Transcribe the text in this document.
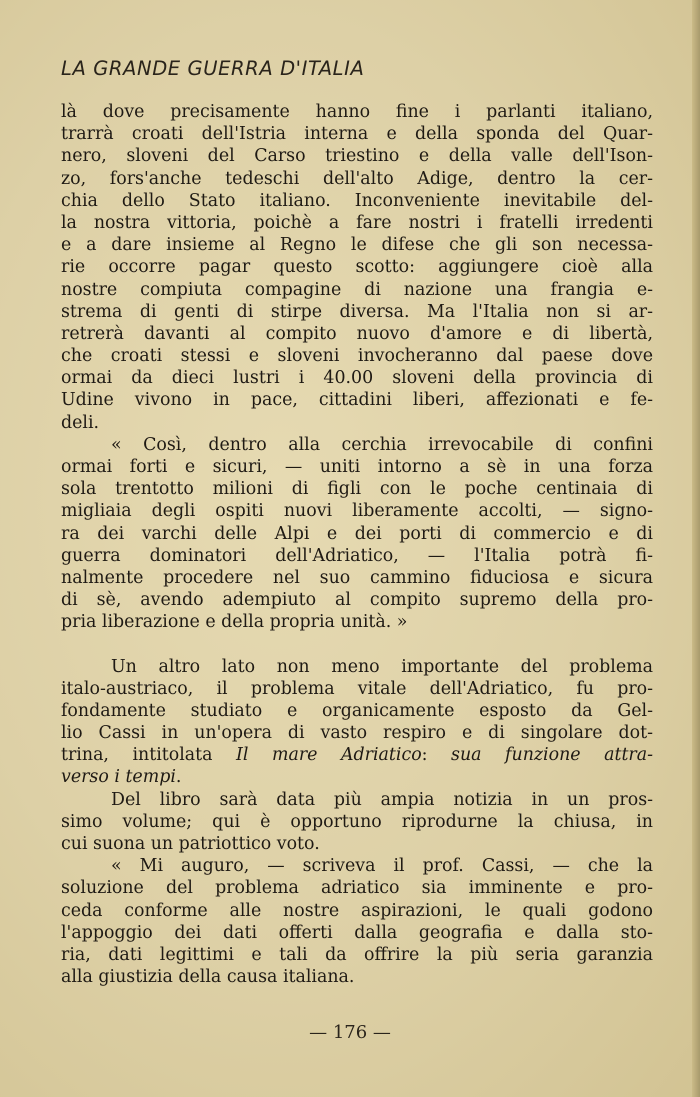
LA GRANDE GUERRA D'ITALIA
là dove precisamente hanno fine i parlanti italiano,
trarrà croati dell'Istria interna e della sponda del Quar-
nero, sloveni del Carso triestino e della valle dell'Ison-
zo, fors'anche tedeschi dell'alto Adige, dentro la cer-
chia dello Stato italiano. Inconveniente inevitabile del-
la nostra vittoria, poichè a fare nostri i fratelli irredenti
e a dare insieme al Regno le difese che gli son necessa-
rie occorre pagar questo scotto: aggiungere cioè alla
nostre compiuta compagine di nazione una frangia e-
strema di genti di stirpe diversa. Ma l'Italia non si ar-
retrerà davanti al compito nuovo d'amore e di libertà,
che croati stessi e sloveni invocheranno dal paese dove
ormai da dieci lustri i 40.00 sloveni della provincia di
Udine vivono in pace, cittadini liberi, affezionati e fe-
deli.
« Così, dentro alla cerchia irrevocabile di confini
ormai forti e sicuri, — uniti intorno a sè in una forza
sola trentotto milioni di figli con le poche centinaia di
migliaia degli ospiti nuovi liberamente accolti, — signo-
ra dei varchi delle Alpi e dei porti di commercio e di
guerra dominatori dell'Adriatico, — l'Italia potrà fi-
nalmente procedere nel suo cammino fiduciosa e sicura
di sè, avendo adempiuto al compito supremo della pro-
pria liberazione e della propria unità. »
Un altro lato non meno importante del problema
italo-austriaco, il problema vitale dell'Adriatico, fu pro-
fondamente studiato e organicamente esposto da Gel-
lio Cassi in un'opera di vasto respiro e di singolare dot-
trina, intitolata Il mare Adriatico: sua funzione attra-
verso i tempi.
Del libro sarà data più ampia notizia in un pros-
simo volume; qui è opportuno riprodurne la chiusa, in
cui suona un patriottico voto.
« Mi auguro, — scriveva il prof. Cassi, — che la
soluzione del problema adriatico sia imminente e pro-
ceda conforme alle nostre aspirazioni, le quali godono
l'appoggio dei dati offerti dalla geografia e dalla sto-
ria, dati legittimi e tali da offrire la più seria garanzia
alla giustizia della causa italiana.
— 176 —
